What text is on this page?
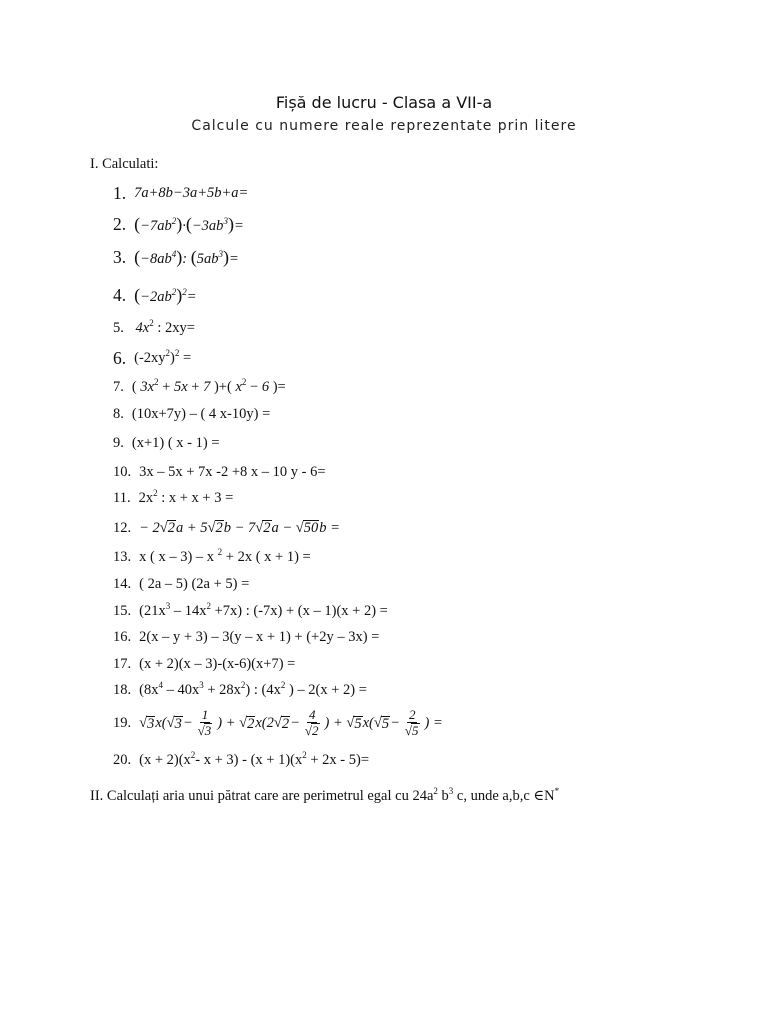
Fișă de lucru - Clasa a VII-a
Calcule cu numere reale reprezentate prin litere
I. Calculati:
1. 7a+8b−3a+5b+a=
2. $(-7ab^2)\cdot(-3ab^3)=$
3. $(-8ab^4)$: $(5ab^3)=$
4. $(-2ab^2)^2=$
5. $4x^2$ : 2xy=
6. $(-2xy^2)^2$ =
7. ( $3x^2 + 5x + 7$ )+( $x^2 - 6$ )=
8. (10x+7y) – ( 4 x-10y) =
9. (x+1) ( x - 1) =
10. 3x – 5x + 7x -2 +8 x – 10 y - 6=
11. $2x^2$ : x + x + 3 =
12. − 2√2a + 5√2b − 7√2a − √50b =
13. x ( x – 3) – x $^2$ + 2x ( x + 1) =
14. ( 2a – 5) (2a + 5) =
15. $(21x^3 - 14x^2 +7x)$ : (-7x) + (x – 1)(x + 2) =
16. 2(x – y + 3) – 3(y – x + 1) + (+2y – 3x) =
17. (x + 2)(x – 3)-(x-6)(x+7) =
18. $(8x^4 - 40x^3 + 28x^2)$ : ($4x^2$ ) – 2(x + 2) =
19. √ 3 x(√ $3 - \frac{1}{√3}$ ) + √ 2 x(2√ $2 - \frac{4}{√2}$ ) + √ 5 x(√ $5 - \frac{2}{√5}$ ) =
20. $(x + 2)(x^2-$ $x + 3) - (x + 1)(x^2 + 2x - 5)=$
II. Calculați aria unui pătrat care are perimetrul egal cu $24a^2$ $b^3$ c, unde a,b,c ∈N*
